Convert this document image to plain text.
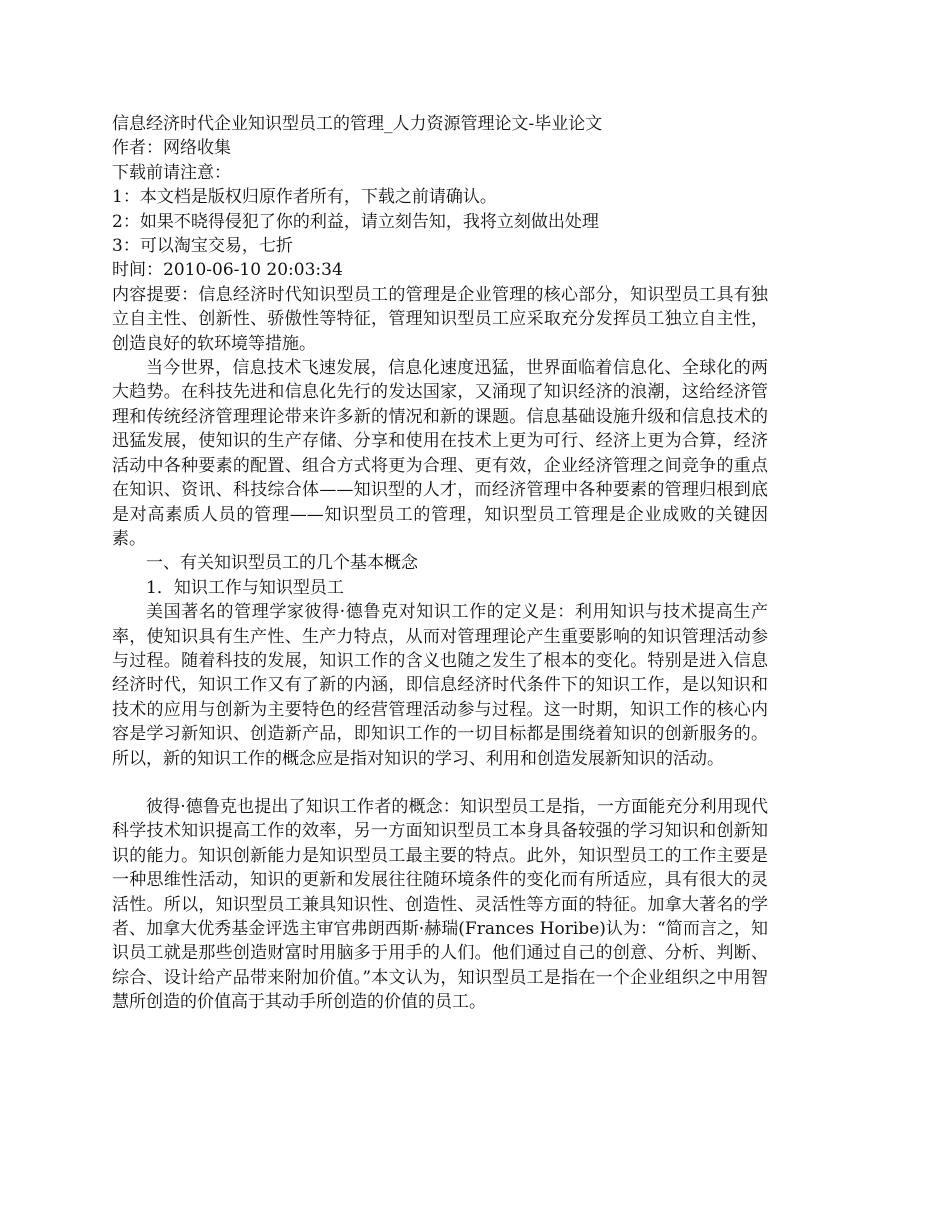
信息经济时代企业知识型员工的管理_人力资源管理论文-毕业论文

作者：网络收集

下载前请注意：

1：本文档是版权归原作者所有，下载之前请确认。

2：如果不晓得侵犯了你的利益，请立刻告知，我将立刻做出处理

3：可以淘宝交易，七折

时间：2010-06-10 20:03:34

内容提要：信息经济时代知识型员工的管理是企业管理的核心部分，知识型员工具有独立自主性、创新性、骄傲性等特征，管理知识型员工应采取充分发挥员工独立自主性，创造良好的软环境等措施。

当今世界，信息技术飞速发展，信息化速度迅猛，世界面临着信息化、全球化的两大趋势。在科技先进和信息化先行的发达国家，又涌现了知识经济的浪潮，这给经济管理和传统经济管理理论带来许多新的情况和新的课题。信息基础设施升级和信息技术的迅猛发展，使知识的生产存储、分享和使用在技术上更为可行、经济上更为合算，经济活动中各种要素的配置、组合方式将更为合理、更有效，企业经济管理之间竞争的重点在知识、资讯、科技综合体——知识型的人才，而经济管理中各种要素的管理归根到底是对高素质人员的管理——知识型员工的管理，知识型员工管理是企业成败的关键因素。

一、有关知识型员工的几个基本概念

1．知识工作与知识型员工

美国著名的管理学家彼得·德鲁克对知识工作的定义是：利用知识与技术提高生产率，使知识具有生产性、生产力特点，从而对管理理论产生重要影响的知识管理活动参与过程。随着科技的发展，知识工作的含义也随之发生了根本的变化。特别是进入信息经济时代，知识工作又有了新的内涵，即信息经济时代条件下的知识工作，是以知识和技术的应用与创新为主要特色的经营管理活动参与过程。这一时期，知识工作的核心内容是学习新知识、创造新产品，即知识工作的一切目标都是围绕着知识的创新服务的。所以，新的知识工作的概念应是指对知识的学习、利用和创造发展新知识的活动。

彼得·德鲁克也提出了知识工作者的概念：知识型员工是指，一方面能充分利用现代科学技术知识提高工作的效率，另一方面知识型员工本身具备较强的学习知识和创新知识的能力。知识创新能力是知识型员工最主要的特点。此外，知识型员工的工作主要是一种思维性活动，知识的更新和发展往往随环境条件的变化而有所适应，具有很大的灵活性。所以，知识型员工兼具知识性、创造性、灵活性等方面的特征。加拿大著名的学者、加拿大优秀基金评选主审官弗朗西斯·赫瑞(Frances Horibe)认为：“简而言之，知识员工就是那些创造财富时用脑多于用手的人们。他们通过自己的创意、分析、判断、综合、设计给产品带来附加价值。”本文认为，知识型员工是指在一个企业组织之中用智慧所创造的价值高于其动手所创造的价值的员工。
